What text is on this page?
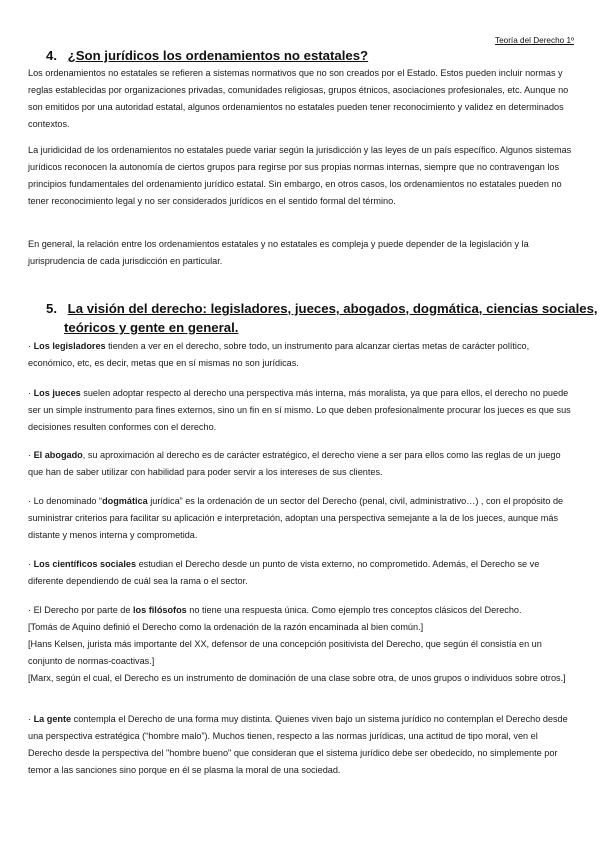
Teoría del Derecho 1º
4. ¿Son jurídicos los ordenamientos no estatales?

Los ordenamientos no estatales se refieren a sistemas normativos que no son creados por el Estado. Estos pueden incluir normas y reglas establecidas por organizaciones privadas, comunidades religiosas, grupos étnicos, asociaciones profesionales, etc. Aunque no son emitidos por una autoridad estatal, algunos ordenamientos no estatales pueden tener reconocimiento y validez en determinados contextos.

La juridicidad de los ordenamientos no estatales puede variar según la jurisdicción y las leyes de un país específico. Algunos sistemas jurídicos reconocen la autonomía de ciertos grupos para regirse por sus propias normas internas, siempre que no contravengan los principios fundamentales del ordenamiento jurídico estatal. Sin embargo, en otros casos, los ordenamientos no estatales pueden no tener reconocimiento legal y no ser considerados jurídicos en el sentido formal del término.

En general, la relación entre los ordenamientos estatales y no estatales es compleja y puede depender de la legislación y la jurisprudencia de cada jurisdicción en particular.

5. La visión del derecho: legisladores, jueces, abogados, dogmática, ciencias sociales,
teóricos y gente en general.

· Los legisladores tienden a ver en el derecho, sobre todo, un instrumento para alcanzar ciertas metas de carácter político, económico, etc, es decir, metas que en sí mismas no son jurídicas.

· Los jueces suelen adoptar respecto al derecho una perspectiva más interna, más moralista, ya que para ellos, el derecho no puede ser un simple instrumento para fines externos, sino un fin en sí mismo. Lo que deben profesionalmente procurar los jueces es que sus decisiones resulten conformes con el derecho.

· El abogado, su aproximación al derecho es de carácter estratégico, el derecho viene a ser para ellos como las reglas de un juego que han de saber utilizar con habilidad para poder servir a los intereses de sus clientes.

· Lo denominado “dogmática jurídica” es la ordenación de un sector del Derecho (penal, civil, administrativo…) , con el propósito de suministrar criterios para facilitar su aplicación e interpretación, adoptan una perspectiva semejante a la de los jueces, aunque más distante y menos interna y comprometida.

· Los científicos sociales estudian el Derecho desde un punto de vista externo, no comprometido. Además, el Derecho se ve diferente dependiendo de cuál sea la rama o el sector.

· El Derecho por parte de los filósofos no tiene una respuesta única. Como ejemplo tres conceptos clásicos del Derecho.
[Tomás de Aquino definió el Derecho como la ordenación de la razón encaminada al bien común.]
[Hans Kelsen, jurista más importante del XX, defensor de una concepción positivista del Derecho, que según él consistía en un conjunto de normas-coactivas.]
[Marx, según el cual, el Derecho es un instrumento de dominación de una clase sobre otra, de unos grupos o individuos sobre otros.]

· La gente contempla el Derecho de una forma muy distinta. Quienes viven bajo un sistema jurídico no contemplan el Derecho desde una perspectiva estratégica (“hombre malo”). Muchos tienen, respecto a las normas jurídicas, una actitud de tipo moral, ven el Derecho desde la perspectiva del "hombre bueno" que consideran que el sistema jurídico debe ser obedecido, no simplemente por temor a las sanciones sino porque en él se plasma la moral de una sociedad.
